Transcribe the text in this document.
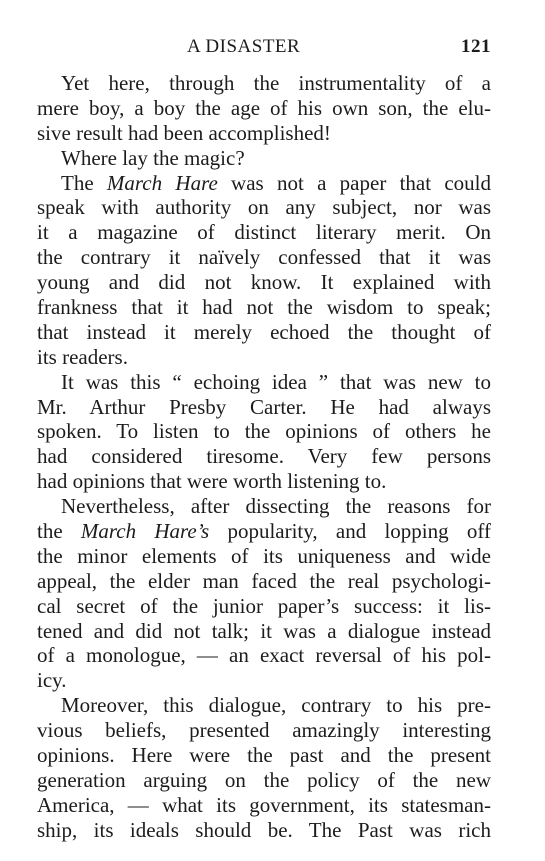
A DISASTER	121
Yet here, through the instrumentality of a
mere boy, a boy the age of his own son, the elu-
sive result had been accomplished!
Where lay the magic?
The March Hare was not a paper that could
speak with authority on any subject, nor was
it a magazine of distinct literary merit. On
the contrary it naïvely confessed that it was
young and did not know. It explained with
frankness that it had not the wisdom to speak;
that instead it merely echoed the thought of
its readers.
It was this “ echoing idea ” that was new to
Mr. Arthur Presby Carter. He had always
spoken. To listen to the opinions of others he
had considered tiresome. Very few persons
had opinions that were worth listening to.
Nevertheless, after dissecting the reasons for
the March Hare’s popularity, and lopping off
the minor elements of its uniqueness and wide
appeal, the elder man faced the real psychologi-
cal secret of the junior paper’s success: it lis-
tened and did not talk; it was a dialogue instead
of a monologue, — an exact reversal of his pol-
icy.
Moreover, this dialogue, contrary to his pre-
vious beliefs, presented amazingly interesting
opinions. Here were the past and the present
generation arguing on the policy of the new
America, — what its government, its statesman-
ship, its ideals should be. The Past was rich
